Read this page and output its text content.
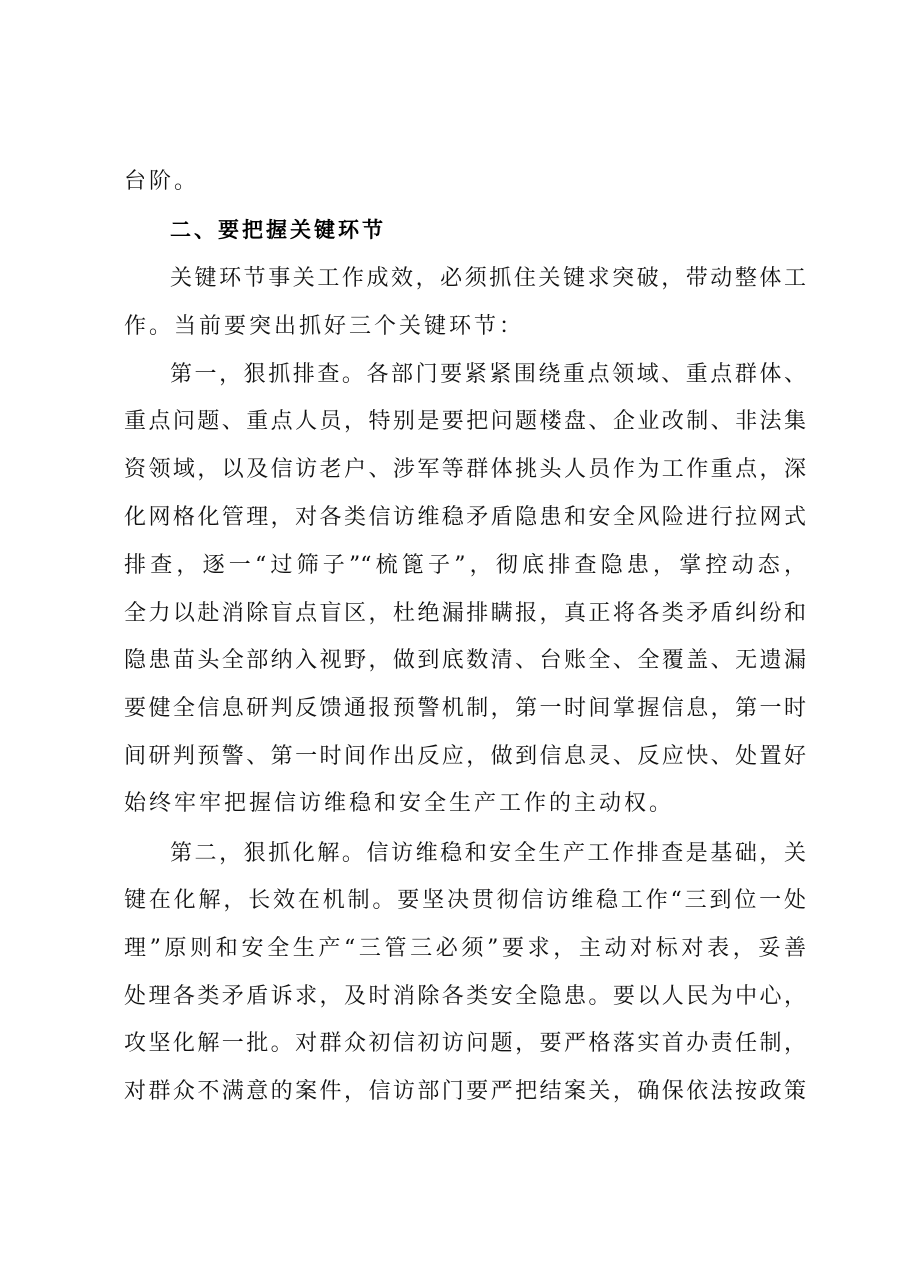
台阶。
二、要把握关键环节
关键环节事关工作成效，必须抓住关键求突破，带动整体工
作。当前要突出抓好三个关键环节：
第一，狠抓排查。各部门要紧紧围绕重点领域、重点群体、
重点问题、重点人员，特别是要把问题楼盘、企业改制、非法集
资领域，以及信访老户、涉军等群体挑头人员作为工作重点，深
化网格化管理，对各类信访维稳矛盾隐患和安全风险进行拉网式
排查，逐一“过筛子”“梳篦子”，彻底排查隐患，掌控动态，
全力以赴消除盲点盲区，杜绝漏排瞒报，真正将各类矛盾纠纷和
隐患苗头全部纳入视野，做到底数清、台账全、全覆盖、无遗漏
要健全信息研判反馈通报预警机制，第一时间掌握信息，第一时
间研判预警、第一时间作出反应，做到信息灵、反应快、处置好
始终牢牢把握信访维稳和安全生产工作的主动权。
第二，狠抓化解。信访维稳和安全生产工作排查是基础，关
键在化解，长效在机制。要坚决贯彻信访维稳工作“三到位一处
理”原则和安全生产“三管三必须”要求，主动对标对表，妥善
处理各类矛盾诉求，及时消除各类安全隐患。要以人民为中心，
攻坚化解一批。对群众初信初访问题，要严格落实首办责任制，
对群众不满意的案件，信访部门要严把结案关，确保依法按政策
